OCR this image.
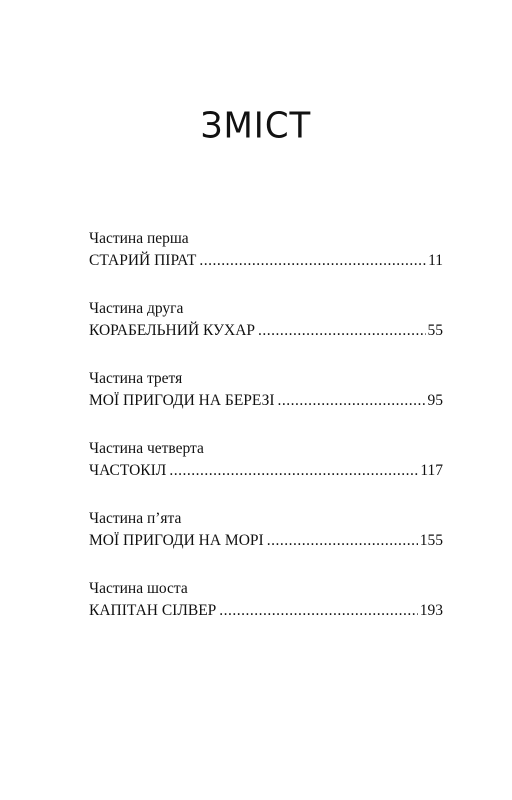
ЗМІСТ
Частина перша
СТАРИЙ ПІРАТ .....	11
Частина друга
КОРАБЕЛЬНИЙ КУХАР .....	55
Частина третя
МОЇ ПРИГОДИ НА БЕРЕЗІ .....	95
Частина четверта
ЧАСТОКІЛ .....	117
Частина п’ята
МОЇ ПРИГОДИ НА МОРІ .....	155
Частина шоста
КАПІТАН СІЛВЕР .....	193
